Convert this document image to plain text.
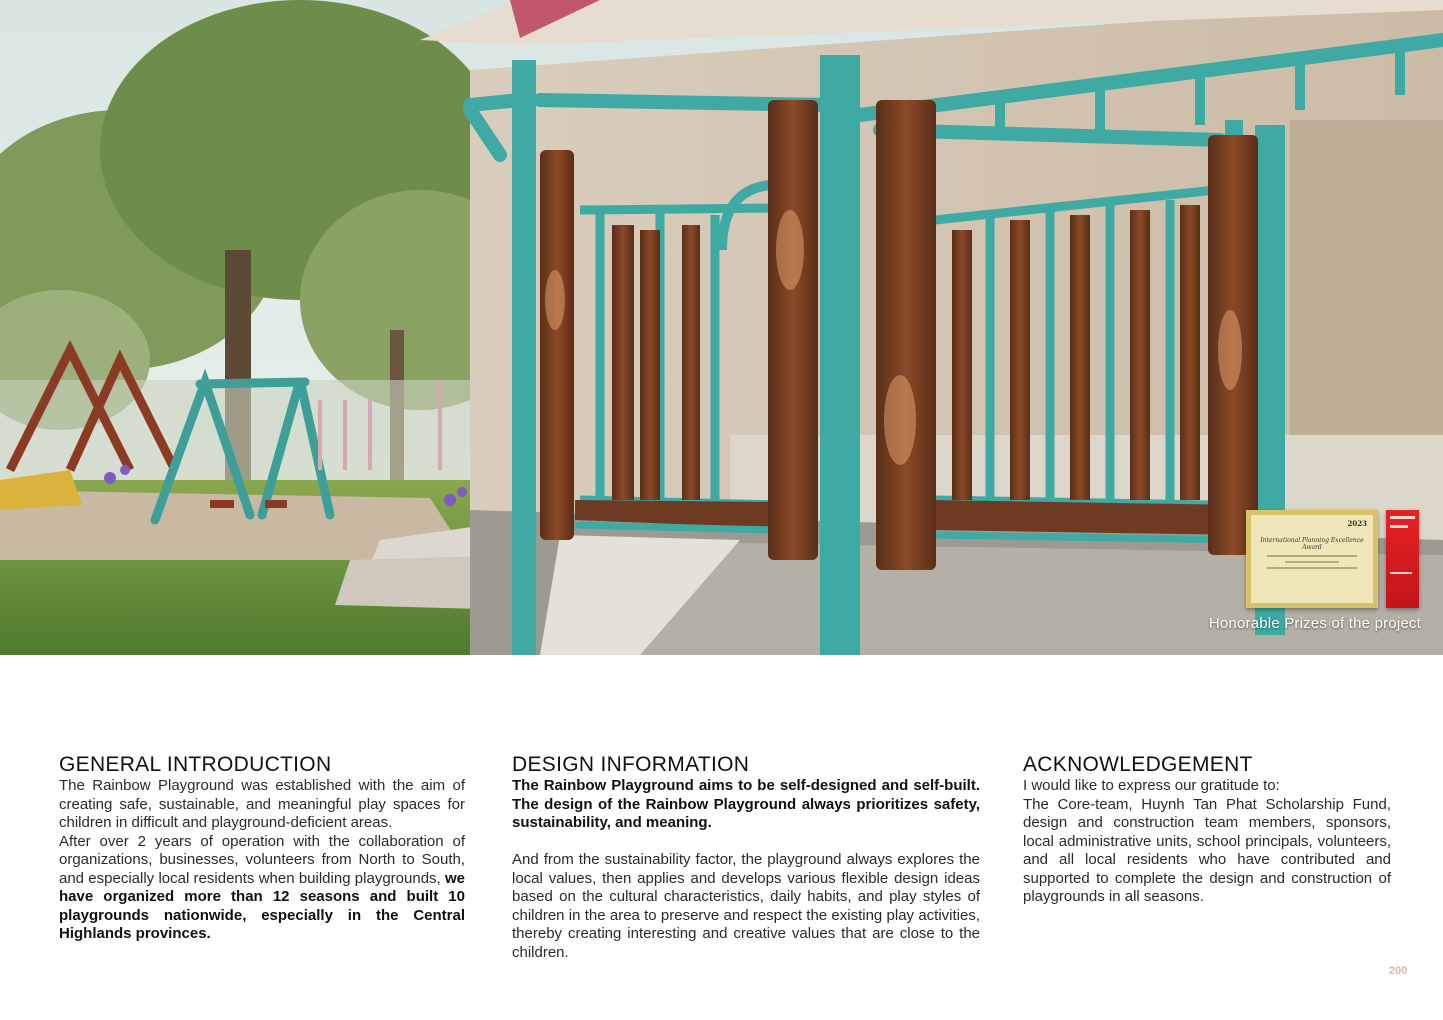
2023
International Planning Excellence Award
Honorable Prizes of the project
GENERAL INTRODUCTION

The Rainbow Playground was established with the aim of creating safe, sustainable, and meaningful play spaces for children in difficult and playground-deficient areas.

After over 2 years of operation with the collaboration of organizations, businesses, volunteers from North to South, and especially local residents when building playgrounds, we have organized more than 12 seasons and built 10 playgrounds nationwide, especially in the Central Highlands provinces.

DESIGN INFORMATION

The Rainbow Playground aims to be self-designed and self-built. The design of the Rainbow Playground always prioritizes safety, sustainability, and meaning.

And from the sustainability factor, the playground always explores the local values, then applies and develops various flexible design ideas based on the cultural characteristics, daily habits, and play styles of children in the area to preserve and respect the existing play activities, thereby creating interesting and creative values that are close to the children.

ACKNOWLEDGEMENT

I would like to express our gratitude to:

The Core-team, Huynh Tan Phat Scholarship Fund, design and construction team members, sponsors, local administrative units, school principals, volunteers, and all local residents who have contributed and supported to complete the design and construction of playgrounds in all seasons.

200
